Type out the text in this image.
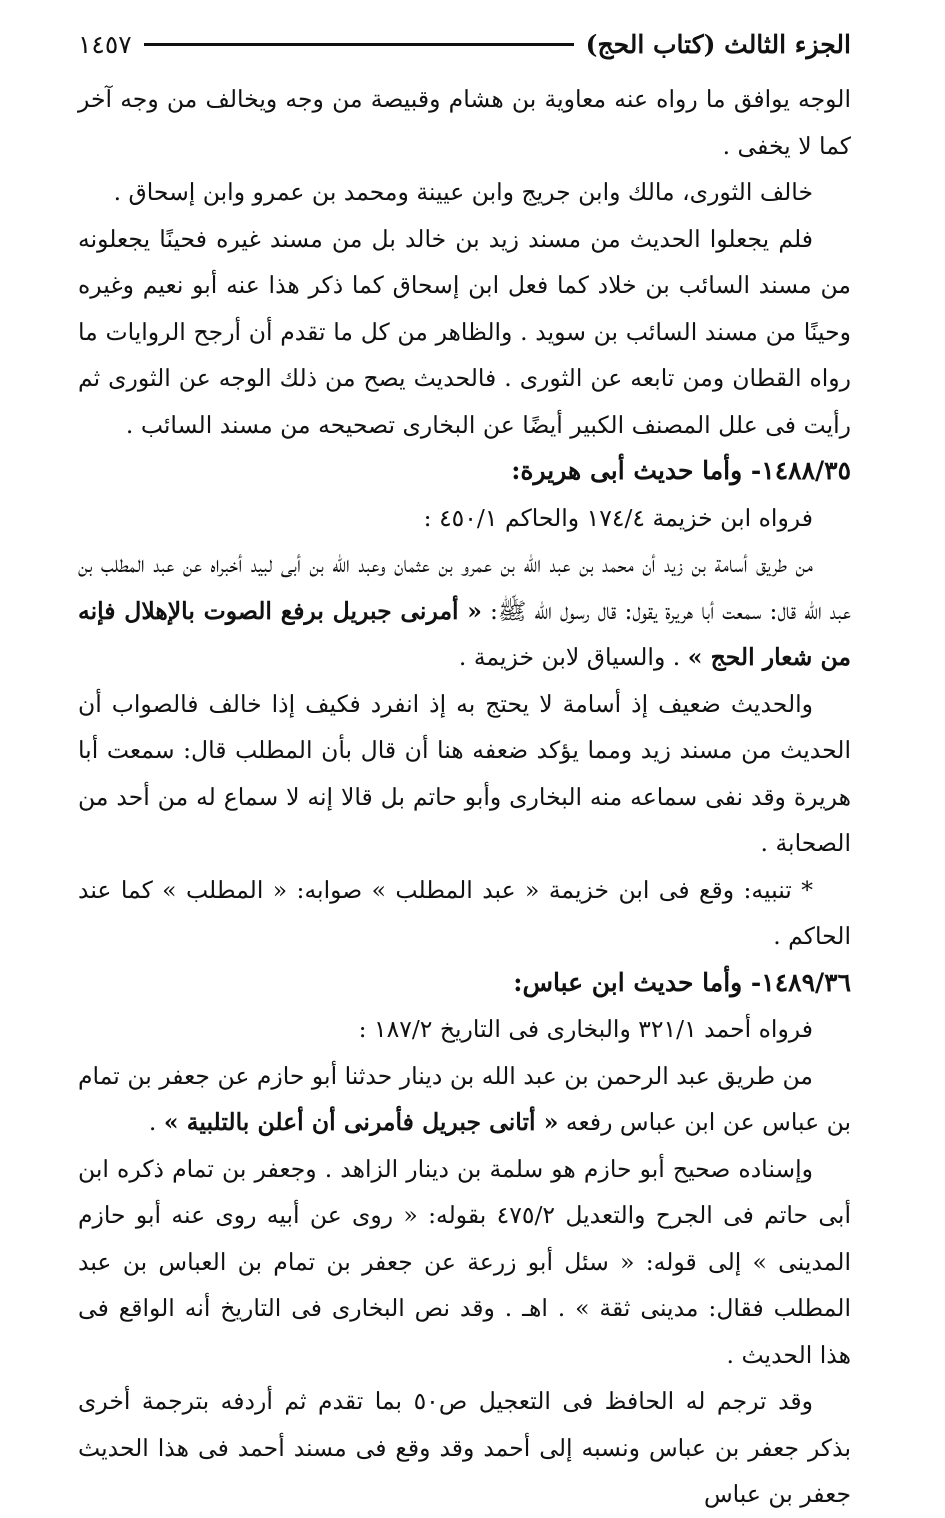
الجزء الثالث (كتاب الحج)
١٤٥٧

الوجه يوافق ما رواه عنه معاوية بن هشام وقبيصة من وجه ويخالف من وجه آخر كما لا يخفى .

خالف الثورى، مالك وابن جريج وابن عيينة ومحمد بن عمرو وابن إسحاق .

فلم يجعلوا الحديث من مسند زيد بن خالد بل من مسند غيره فحينًا يجعلونه من مسند السائب بن خلاد كما فعل ابن إسحاق كما ذكر هذا عنه أبو نعيم وغيره وحينًا من مسند السائب بن سويد . والظاهر من كل ما تقدم أن أرجح الروايات ما رواه القطان ومن تابعه عن الثورى . فالحديث يصح من ذلك الوجه عن الثورى ثم رأيت فى علل المصنف الكبير أيضًا عن البخارى تصحيحه من مسند السائب .

١٤٨٨/٣٥- وأما حديث أبى هريرة:

فرواه ابن خزيمة ١٧٤/٤ والحاكم ٤٥٠/١ :

من طريق أسامة بن زيد أن محمد بن عبد الله بن عمرو بن عثمان وعبد الله بن أبى لبيد أخبراه عن عبد المطلب بن عبد الله قال: سمعت أبا هريرة يقول: قال رسول الله ﷺ: « أمرنى جبريل برفع الصوت بالإهلال فإنه من شعار الحج » . والسياق لابن خزيمة .

والحديث ضعيف إذ أسامة لا يحتج به إذ انفرد فكيف إذا خالف فالصواب أن الحديث من مسند زيد ومما يؤكد ضعفه هنا أن قال بأن المطلب قال: سمعت أبا هريرة وقد نفى سماعه منه البخارى وأبو حاتم بل قالا إنه لا سماع له من أحد من الصحابة .

* تنبيه: وقع فى ابن خزيمة « عبد المطلب » صوابه: « المطلب » كما عند الحاكم .

١٤٨٩/٣٦- وأما حديث ابن عباس:

فرواه أحمد ٣٢١/١ والبخارى فى التاريخ ١٨٧/٢ :

من طريق عبد الرحمن بن عبد الله بن دينار حدثنا أبو حازم عن جعفر بن تمام بن عباس عن ابن عباس رفعه « أتانى جبريل فأمرنى أن أعلن بالتلبية » .

وإسناده صحيح أبو حازم هو سلمة بن دينار الزاهد . وجعفر بن تمام ذكره ابن أبى حاتم فى الجرح والتعديل ٤٧٥/٢ بقوله: « روى عن أبيه روى عنه أبو حازم المدينى » إلى قوله: « سئل أبو زرعة عن جعفر بن تمام بن العباس بن عبد المطلب فقال: مدينى ثقة » . اهـ . وقد نص البخارى فى التاريخ أنه الواقع فى هذا الحديث .

وقد ترجم له الحافظ فى التعجيل ص٥٠ بما تقدم ثم أردفه بترجمة أخرى بذكر جعفر بن عباس ونسبه إلى أحمد وقد وقع فى مسند أحمد فى هذا الحديث جعفر بن عباس
